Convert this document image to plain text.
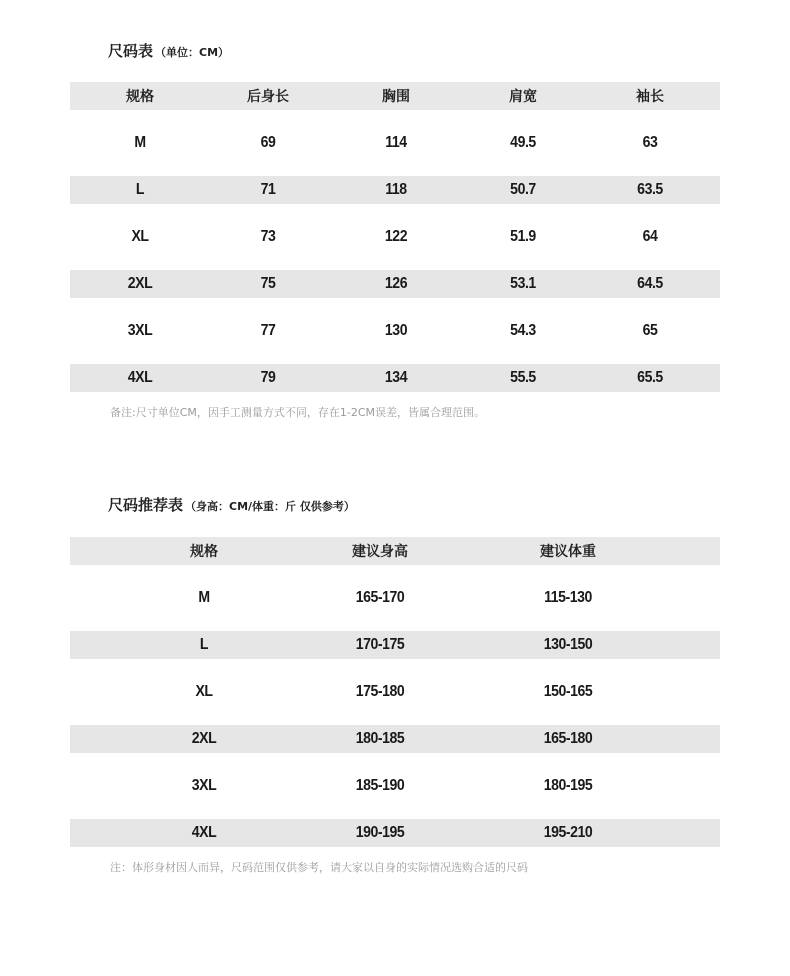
尺码表 （单位：CM）
规格	后身长	胸围	肩宽	袖长
M	69	114	49.5	63
L	71	118	50.7	63.5
XL	73	122	51.9	64
2XL	75	126	53.1	64.5
3XL	77	130	54.3	65
4XL	79	134	55.5	65.5
备注:尺寸单位CM，因手工测量方式不同，存在1-2CM误差，皆属合理范围。
尺码推荐表 （身高：CM/体重：斤 仅供参考）
规格	建议身高	建议体重
M	165-170	115-130
L	170-175	130-150
XL	175-180	150-165
2XL	180-185	165-180
3XL	185-190	180-195
4XL	190-195	195-210
注：体形身材因人而异，尺码范围仅供参考，请大家以自身的实际情况选购合适的尺码
